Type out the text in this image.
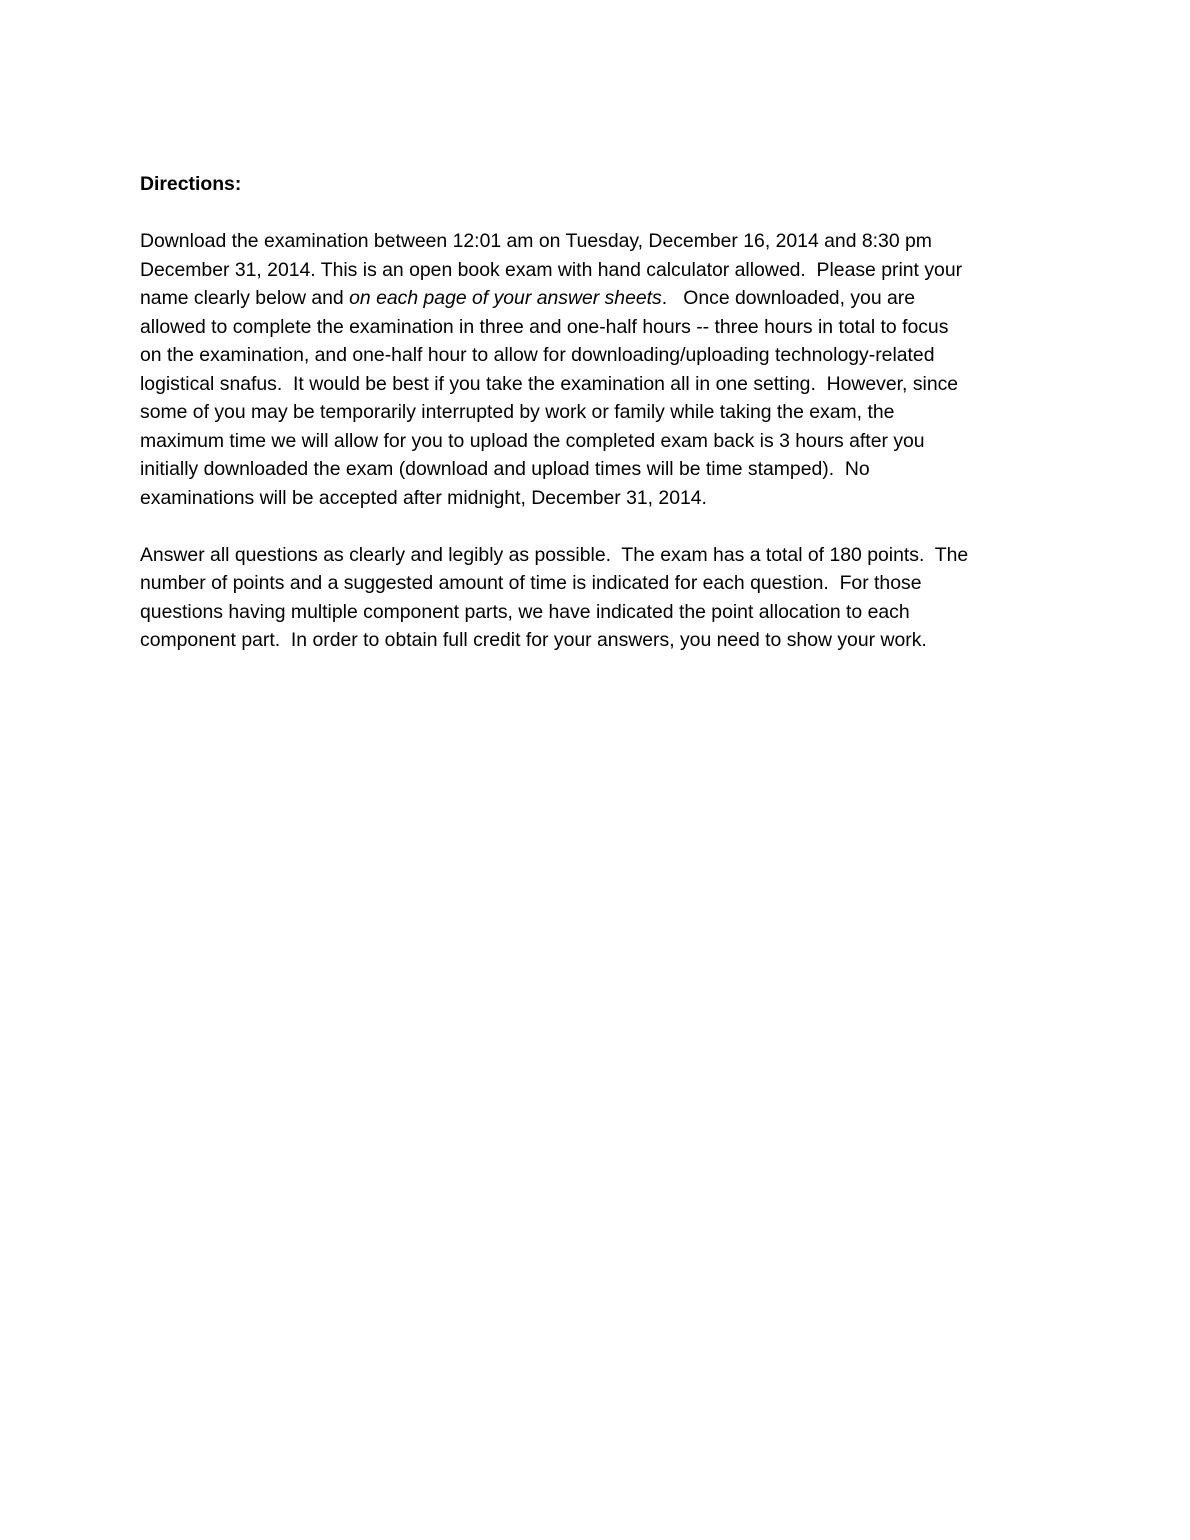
Directions:

Download the examination between 12:01 am on Tuesday, December 16, 2014 and 8:30 pm
December 31, 2014. This is an open book exam with hand calculator allowed.  Please print your
name clearly below and on each page of your answer sheets.   Once downloaded, you are
allowed to complete the examination in three and one-half hours -- three hours in total to focus
on the examination, and one-half hour to allow for downloading/uploading technology-related
logistical snafus.  It would be best if you take the examination all in one setting.  However, since
some of you may be temporarily interrupted by work or family while taking the exam, the
maximum time we will allow for you to upload the completed exam back is 3 hours after you
initially downloaded the exam (download and upload times will be time stamped).  No
examinations will be accepted after midnight, December 31, 2014.

Answer all questions as clearly and legibly as possible.  The exam has a total of 180 points.  The
number of points and a suggested amount of time is indicated for each question.  For those
questions having multiple component parts, we have indicated the point allocation to each
component part.  In order to obtain full credit for your answers, you need to show your work.
